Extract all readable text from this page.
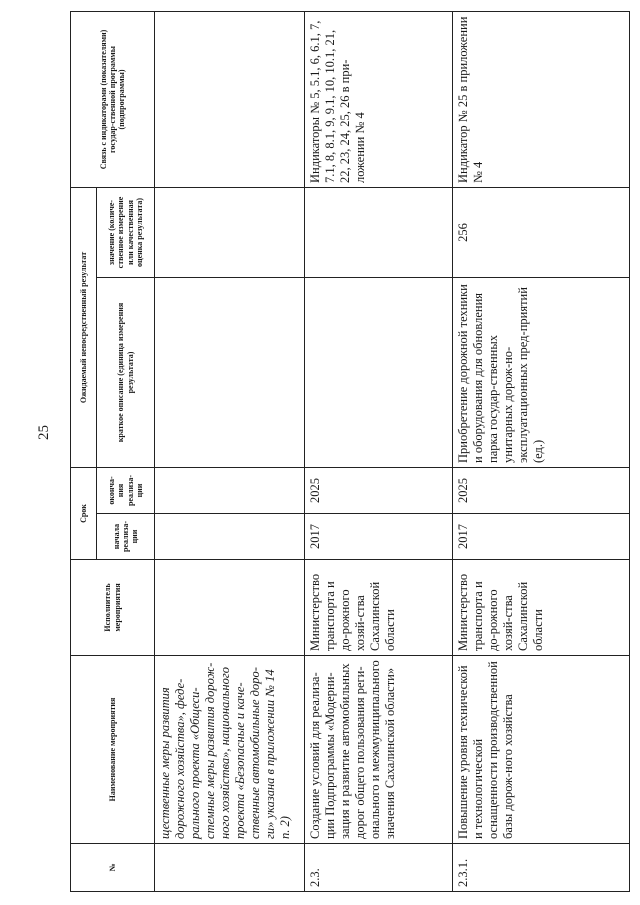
25
№	Наименование мероприятия	Исполнитель мероприятия	Срок		Ожидаемый непосредственный результат		Связь с индикаторами (показателями) государ-ственной программы (подпрограммы)
			начала реализа-ции	оконча-ния реализа-ции	краткое описание (единица измерения результата)	значение (количе-ственное измерение или качественная оценка результата)	
	щественные меры развития дорожного хозяйства», феде-рального проекта «Общеси-стемные меры развития дорож-ного хозяйства», национального проекта «Безопасные и каче-ственные автомобильные доро-ги» указана в приложении № 14 п. 2)						
2.3.	Создание условий для реализа-ции Подпрограммы «Модерни-зация и развитие автомобильных дорог общего пользования реги-онального и межмуниципального значения Сахалинской области»	Министерство транспорта и до-рожного хозяй-ства Сахалинской области	2017	2025			Индикаторы № 5, 5.1, 6, 6.1, 7, 7.1, 8, 8.1, 9, 9.1, 10, 10.1, 21, 22, 23, 24, 25, 26 в при-ложении № 4
2.3.1.	Повышение уровня технической и технологической оснащенности производственной базы дорож-ного хозяйства	Министерство транспорта и до-рожного хозяй-ства Сахалинской области	2017	2025	Приобретение дорожной техники и оборудования для обновления парка государ-ственных унитарных дорож-но-эксплуатационных пред-приятий (ед.)	256	Индикатор № 25 в приложении № 4
